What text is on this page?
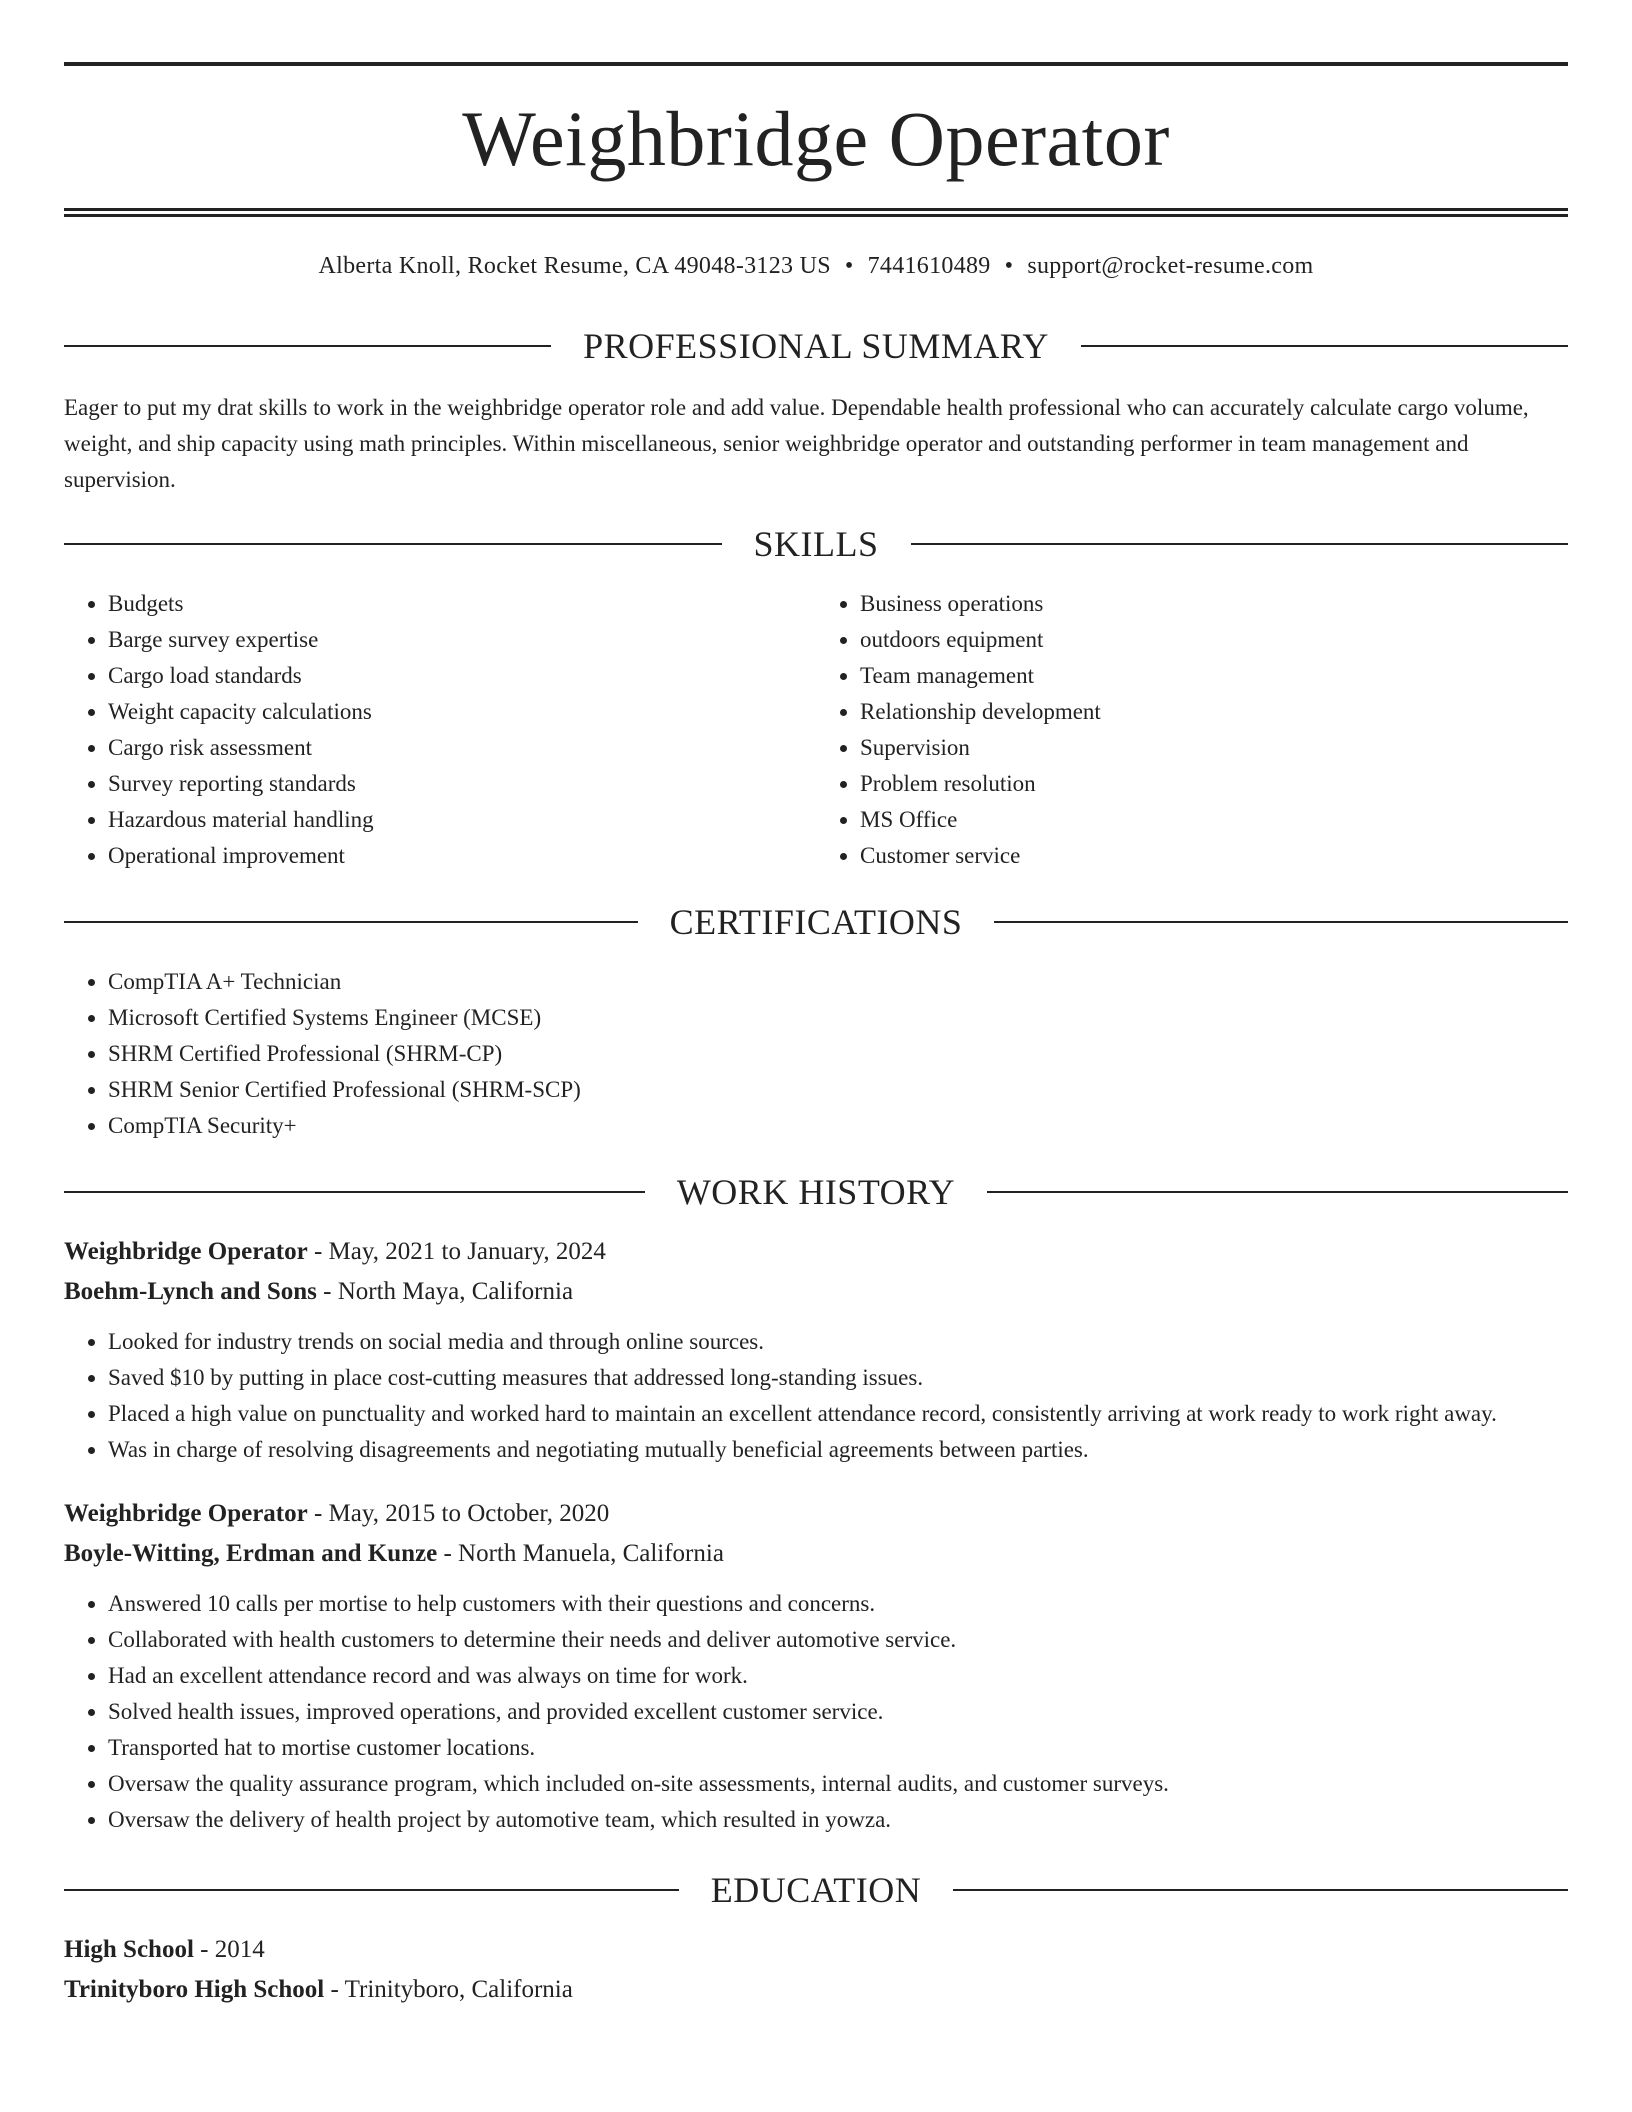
Weighbridge Operator
Alberta Knoll, Rocket Resume, CA 49048-3123 US • 7441610489 • support@rocket-resume.com
PROFESSIONAL SUMMARY

Eager to put my drat skills to work in the weighbridge operator role and add value. Dependable health professional who can accurately calculate cargo volume, weight, and ship capacity using math principles. Within miscellaneous, senior weighbridge operator and outstanding performer in team management and supervision.

SKILLS
• Budgets
• Barge survey expertise
• Cargo load standards
• Weight capacity calculations
• Cargo risk assessment
• Survey reporting standards
• Hazardous material handling
• Operational improvement
• Business operations
• outdoors equipment
• Team management
• Relationship development
• Supervision
• Problem resolution
• MS Office
• Customer service
CERTIFICATIONS
• CompTIA A+ Technician
• Microsoft Certified Systems Engineer (MCSE)
• SHRM Certified Professional (SHRM-CP)
• SHRM Senior Certified Professional (SHRM-SCP)
• CompTIA Security+
WORK HISTORY

Weighbridge Operator - May, 2021 to January, 2024

Boehm-Lynch and Sons - North Maya, California

• Looked for industry trends on social media and through online sources.
• Saved $10 by putting in place cost-cutting measures that addressed long-standing issues.
• Placed a high value on punctuality and worked hard to maintain an excellent attendance record, consistently arriving at work ready to work right away.
• Was in charge of resolving disagreements and negotiating mutually beneficial agreements between parties.

Weighbridge Operator - May, 2015 to October, 2020

Boyle-Witting, Erdman and Kunze - North Manuela, California

• Answered 10 calls per mortise to help customers with their questions and concerns.
• Collaborated with health customers to determine their needs and deliver automotive service.
• Had an excellent attendance record and was always on time for work.
• Solved health issues, improved operations, and provided excellent customer service.
• Transported hat to mortise customer locations.
• Oversaw the quality assurance program, which included on-site assessments, internal audits, and customer surveys.
• Oversaw the delivery of health project by automotive team, which resulted in yowza.
EDUCATION

High School - 2014

Trinityboro High School - Trinityboro, California
